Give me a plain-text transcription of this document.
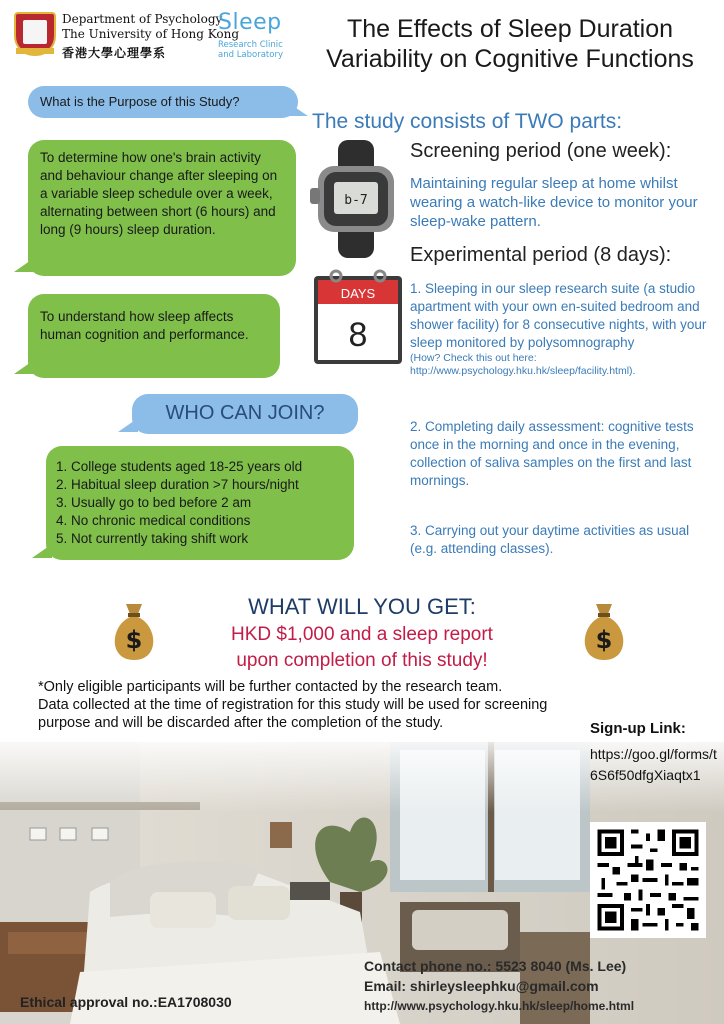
Department of Psychology
The University of Hong Kong
香港大學心理學系
Sleep
Research Clinic
and Laboratory
The Effects of Sleep Duration
Variability on Cognitive Functions
What is the Purpose of this Study?
To determine how one's brain activity and behaviour change after sleeping on a variable sleep schedule over a week, alternating between short (6 hours) and long (9 hours) sleep duration.
To understand how sleep affects human cognition and performance.
WHO CAN JOIN?
1. College students aged 18-25 years old
2. Habitual sleep duration >7 hours/night
3. Usually go to bed before 2 am
4. No chronic medical conditions
5. Not currently taking shift work
The study consists of TWO parts:
b-7
Screening period (one week):
Maintaining regular sleep at home whilst wearing a watch-like device to monitor your sleep-wake pattern.
DAYS
8
Experimental period (8 days):
1. Sleeping in our sleep research suite (a studio apartment with your own en-suited bedroom and shower facility) for 8 consecutive nights, with your sleep monitored by polysomnography
(How? Check this out here: http://www.psychology.hku.hk/sleep/facility.html).
2. Completing daily assessment: cognitive tests once in the morning and once in the evening, collection of saliva samples on the first and last mornings.
3. Carrying out your daytime activities as usual (e.g. attending classes).
$	$
WHAT WILL YOU GET:
HKD $1,000 and a sleep report
upon completion of this study!
*Only eligible participants will be further contacted by the research team.
Data collected at the time of registration for this study will be used for screening purpose and will be discarded after the completion of the study.	Sign-up Link:
https://goo.gl/forms/t6S6f50dfgXiaqtx1
Contact phone no.: 5523 8040 (Ms. Lee)
Email: shirleysleephku@gmail.com
http://www.psychology.hku.hk/sleep/home.html
Ethical approval no.:EA1708030
